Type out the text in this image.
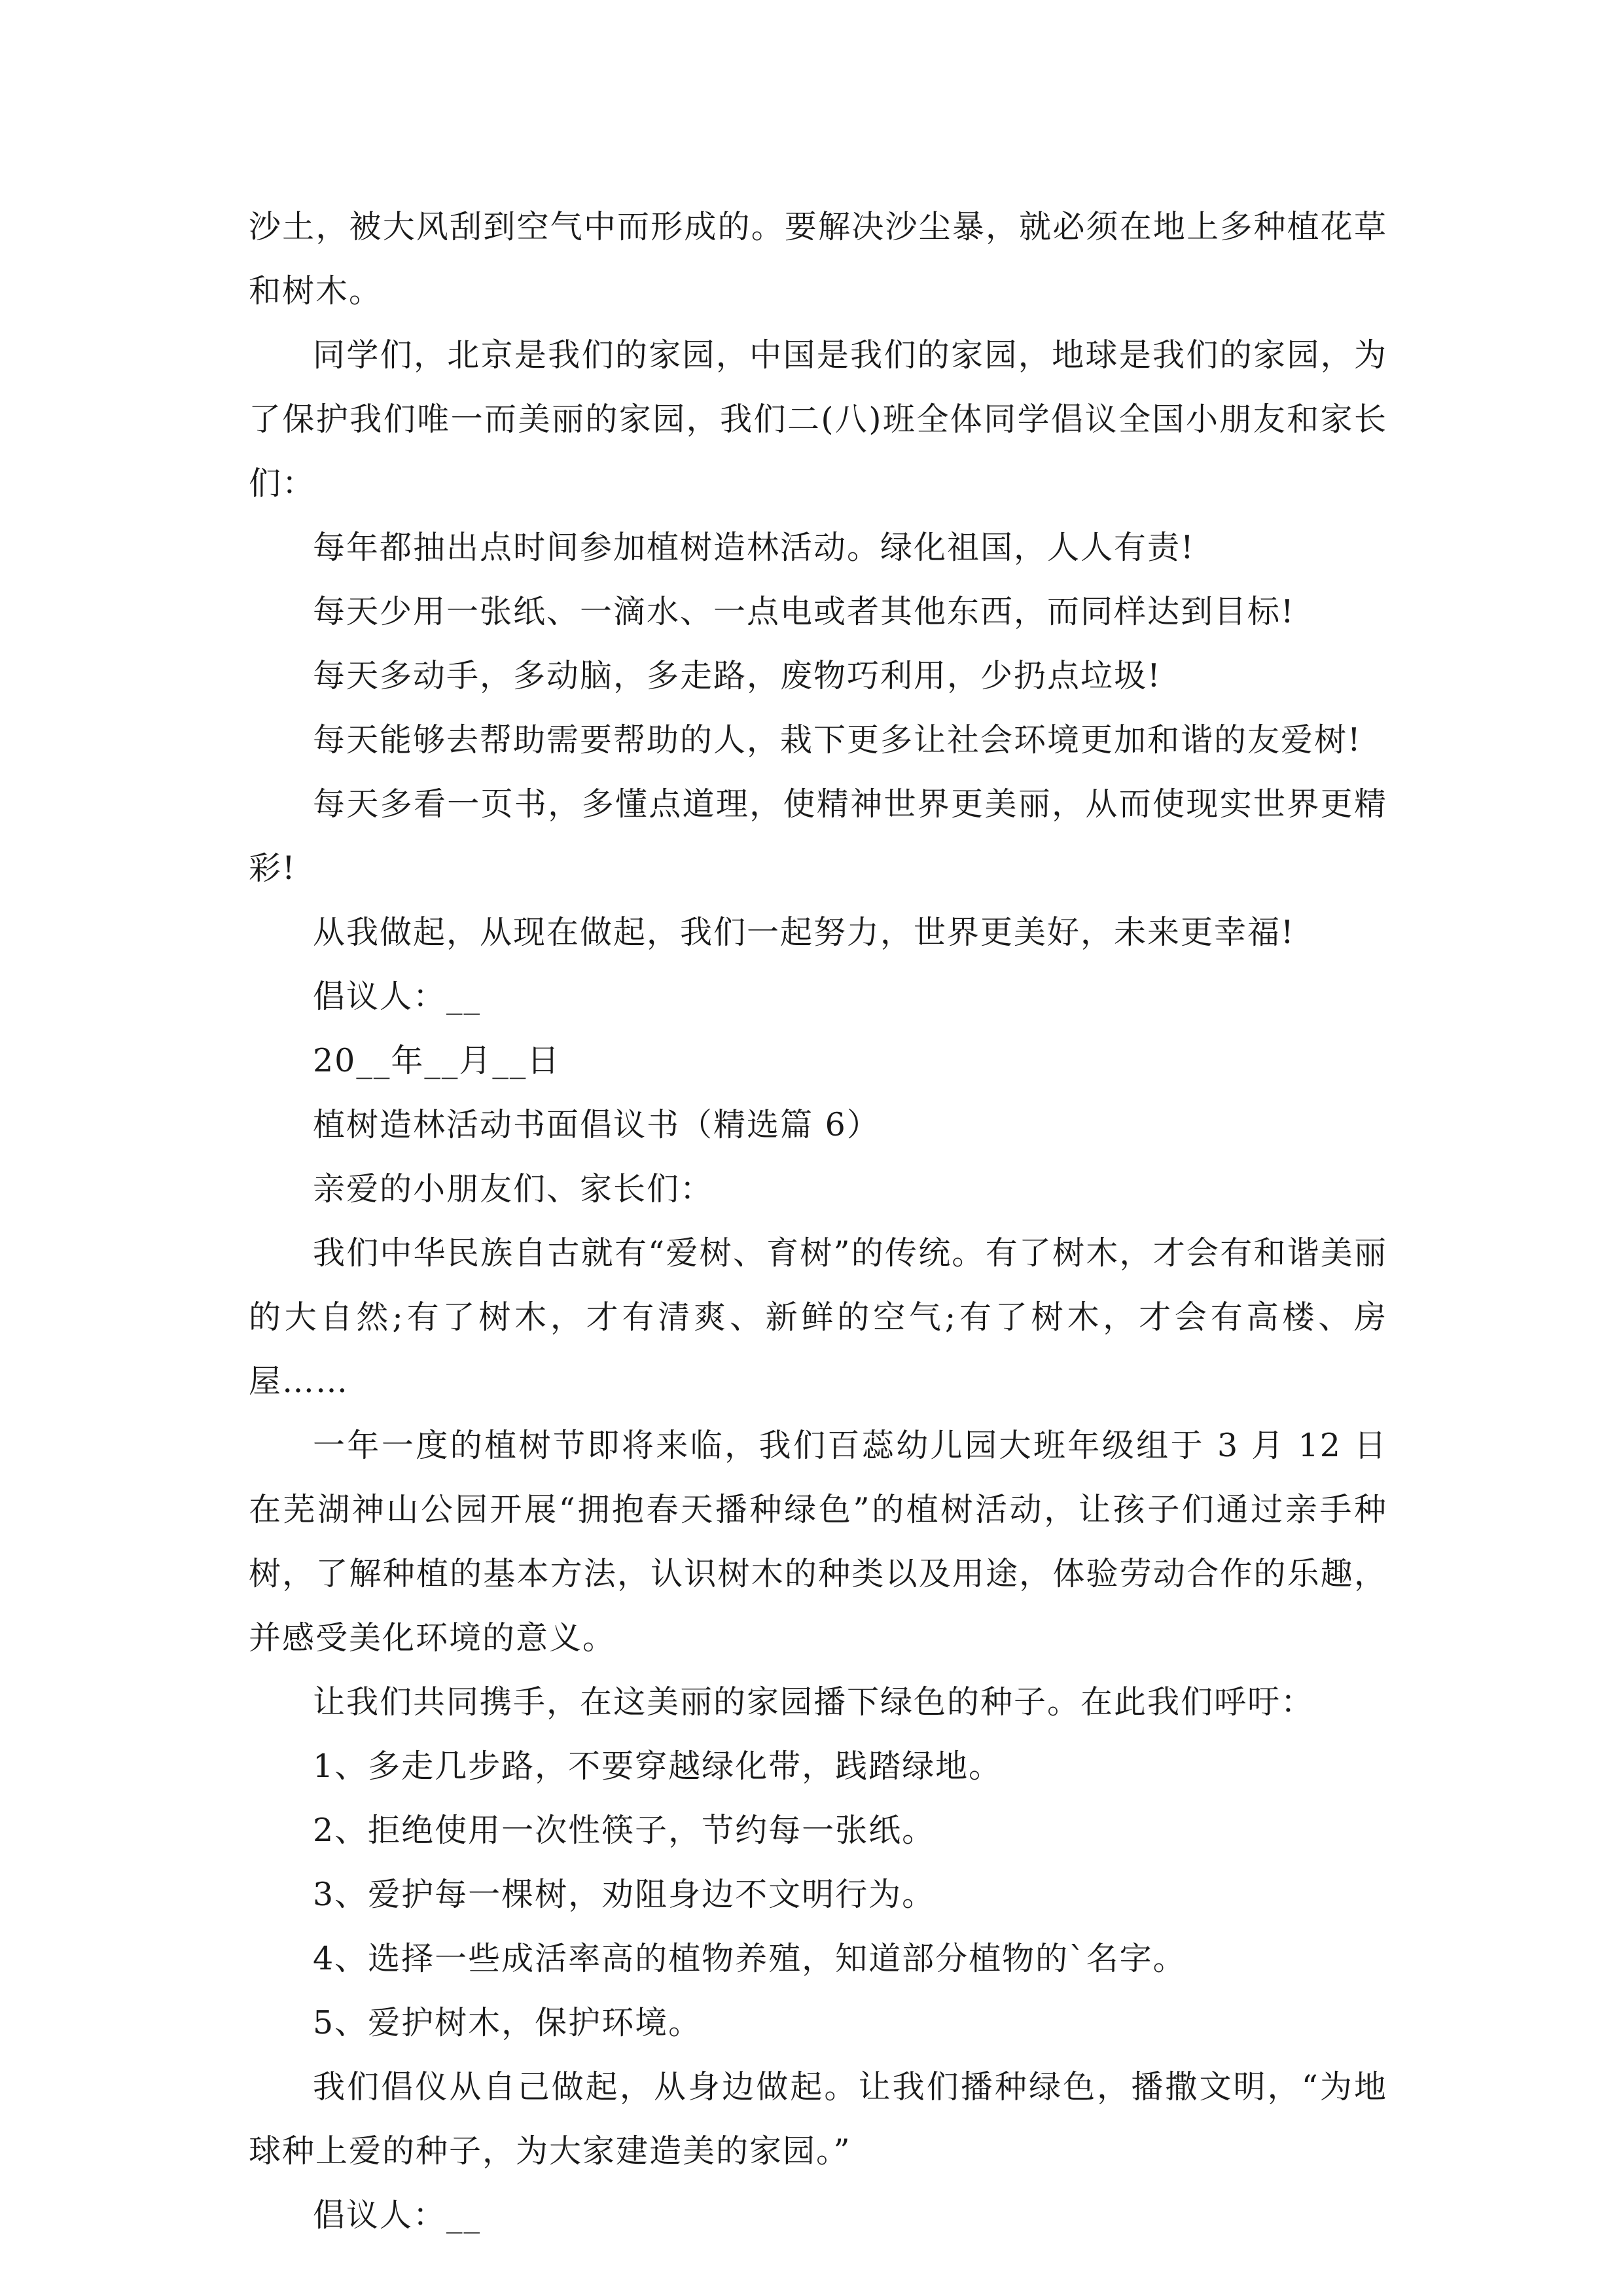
沙土，被大风刮到空气中而形成的。要解决沙尘暴，就必须在地上多种植花草和树木。

同学们，北京是我们的家园，中国是我们的家园，地球是我们的家园，为了保护我们唯一而美丽的家园，我们二(八)班全体同学倡议全国小朋友和家长们：

每年都抽出点时间参加植树造林活动。绿化祖国，人人有责!

每天少用一张纸、一滴水、一点电或者其他东西，而同样达到目标!

每天多动手，多动脑，多走路，废物巧利用，少扔点垃圾!

每天能够去帮助需要帮助的人，栽下更多让社会环境更加和谐的友爱树!

每天多看一页书，多懂点道理，使精神世界更美丽，从而使现实世界更精彩!

从我做起，从现在做起，我们一起努力，世界更美好，未来更幸福!

倡议人：__

20__年__月__日

植树造林活动书面倡议书（精选篇 6）

亲爱的小朋友们、家长们：

我们中华民族自古就有“爱树、育树”的传统。有了树木，才会有和谐美丽的大自然;有了树木，才有清爽、新鲜的空气;有了树木，才会有高楼、房屋……

一年一度的植树节即将来临，我们百蕊幼儿园大班年级组于 3 月 12 日在芜湖神山公园开展“拥抱春天播种绿色”的植树活动，让孩子们通过亲手种树，了解种植的基本方法，认识树木的种类以及用途，体验劳动合作的乐趣，并感受美化环境的意义。

让我们共同携手，在这美丽的家园播下绿色的种子。在此我们呼吁：

1、多走几步路，不要穿越绿化带，践踏绿地。

2、拒绝使用一次性筷子，节约每一张纸。

3、爱护每一棵树，劝阻身边不文明行为。

4、选择一些成活率高的植物养殖，知道部分植物的`名字。

5、爱护树木，保护环境。

我们倡仪从自己做起，从身边做起。让我们播种绿色，播撒文明，“为地球种上爱的种子，为大家建造美的家园。”

倡议人：__
